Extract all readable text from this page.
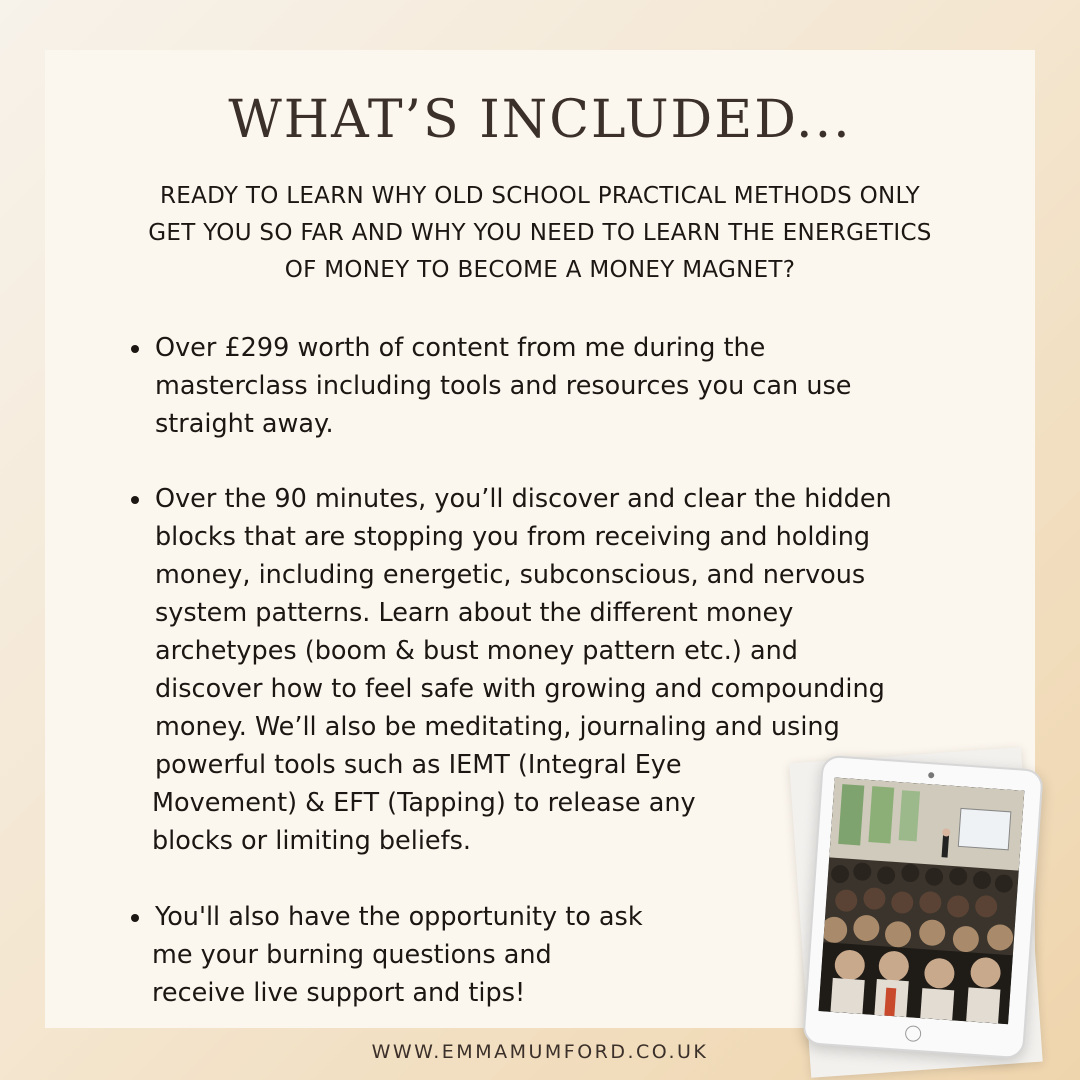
WHAT’S INCLUDED...
READY TO LEARN WHY OLD SCHOOL PRACTICAL METHODS ONLY
GET YOU SO FAR AND WHY YOU NEED TO LEARN THE ENERGETICS
OF MONEY TO BECOME A MONEY MAGNET?
Over £299 worth of content from me during the
masterclass including tools and resources you can use
straight away.
Over the 90 minutes, you’ll discover and clear the hidden
blocks that are stopping you from receiving and holding
money, including energetic, subconscious, and nervous
system patterns. Learn about the different money
archetypes (boom & bust money pattern etc.) and
discover how to feel safe with growing and compounding
money. We’ll also be meditating, journaling and using
powerful tools such as IEMT (Integral Eye
Movement) & EFT (Tapping) to release any
blocks or limiting beliefs.
You'll also have the opportunity to ask
me your burning questions and
receive live support and tips!
WWW.EMMAMUMFORD.CO.UK
